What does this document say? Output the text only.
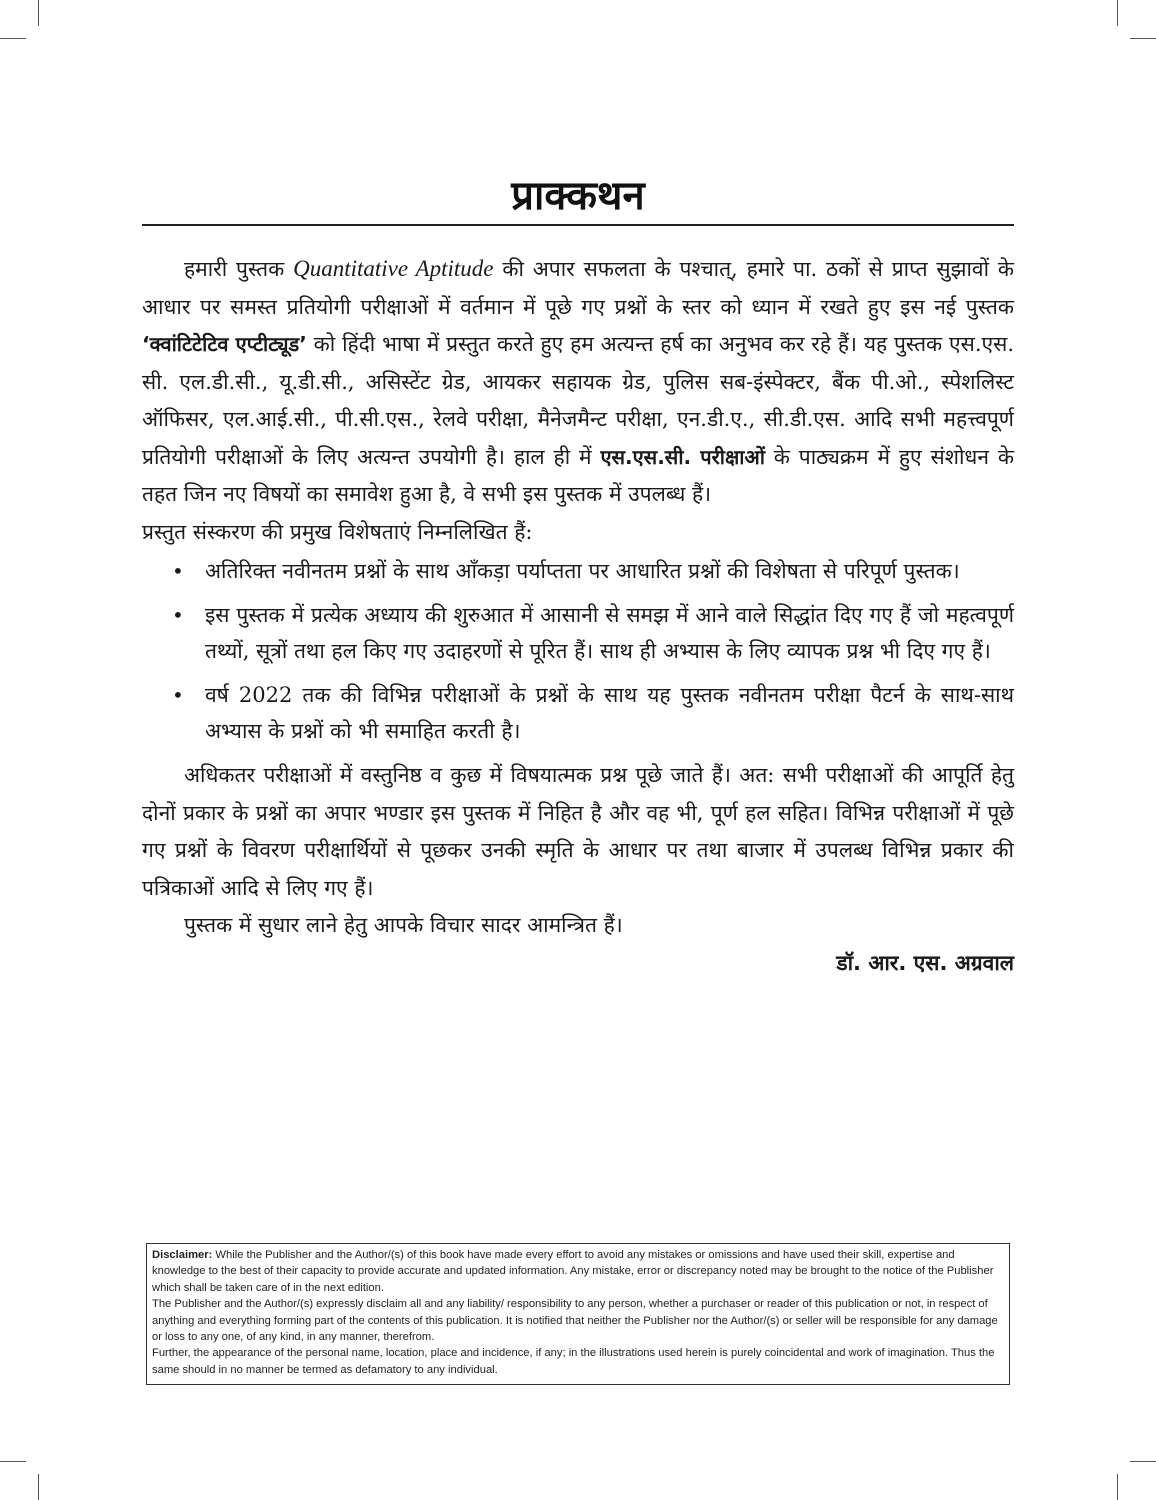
प्राक्कथन

हमारी पुस्तक Quantitative Aptitude की अपार सफलता के पश्चात्, हमारे पा. ठकों से प्राप्त सुझावों के आधार पर समस्त प्रतियोगी परीक्षाओं में वर्तमान में पूछे गए प्रश्नों के स्तर को ध्यान में रखते हुए इस नई पुस्तक ‘क्वांटिटेटिव एप्टीट्यूड’ को हिंदी भाषा में प्रस्तुत करते हुए हम अत्यन्त हर्ष का अनुभव कर रहे हैं। यह पुस्तक एस.एस. सी. एल.डी.सी., यू.डी.सी., असिस्टेंट ग्रेड, आयकर सहायक ग्रेड, पुलिस सब-इंस्पेक्टर, बैंक पी.ओ., स्पेशलिस्ट ऑफिसर, एल.आई.सी., पी.सी.एस., रेलवे परीक्षा, मैनेजमैन्ट परीक्षा, एन.डी.ए., सी.डी.एस. आदि सभी महत्त्वपूर्ण प्रतियोगी परीक्षाओं के लिए अत्यन्त उपयोगी है। हाल ही में एस.एस.सी. परीक्षाओं के पाठ्यक्रम में हुए संशोधन के तहत जिन नए विषयों का समावेश हुआ है, वे सभी इस पुस्तक में उपलब्ध हैं।

प्रस्तुत संस्करण की प्रमुख विशेषताएं निम्नलिखित हैं:

• अतिरिक्त नवीनतम प्रश्नों के साथ आँकड़ा पर्याप्तता पर आधारित प्रश्नों की विशेषता से परिपूर्ण पुस्तक।
• इस पुस्तक में प्रत्येक अध्याय की शुरुआत में आसानी से समझ में आने वाले सिद्धांत दिए गए हैं जो महत्वपूर्ण तथ्यों, सूत्रों तथा हल किए गए उदाहरणों से पूरित हैं। साथ ही अभ्यास के लिए व्यापक प्रश्न भी दिए गए हैं।
• वर्ष 2022 तक की विभिन्न परीक्षाओं के प्रश्नों के साथ यह पुस्तक नवीनतम परीक्षा पैटर्न के साथ-साथ अभ्यास के प्रश्नों को भी समाहित करती है।

अधिकतर परीक्षाओं में वस्तुनिष्ठ व कुछ में विषयात्मक प्रश्न पूछे जाते हैं। अत: सभी परीक्षाओं की आपूर्ति हेतु दोनों प्रकार के प्रश्नों का अपार भण्डार इस पुस्तक में निहित है और वह भी, पूर्ण हल सहित। विभिन्न परीक्षाओं में पूछे गए प्रश्नों के विवरण परीक्षार्थियों से पूछकर उनकी स्मृति के आधार पर तथा बाजार में उपलब्ध विभिन्न प्रकार की पत्रिकाओं आदि से लिए गए हैं।

पुस्तक में सुधार लाने हेतु आपके विचार सादर आमन्त्रित हैं।

डॉ. आर. एस. अग्रवाल

Disclaimer: While the Publisher and the Author/(s) of this book have made every effort to avoid any mistakes or omissions and have used their skill, expertise and knowledge to the best of their capacity to provide accurate and updated information. Any mistake, error or discrepancy noted may be brought to the notice of the Publisher which shall be taken care of in the next edition.

The Publisher and the Author/(s) expressly disclaim all and any liability/ responsibility to any person, whether a purchaser or reader of this publication or not, in respect of anything and everything forming part of the contents of this publication. It is notified that neither the Publisher nor the Author/(s) or seller will be responsible for any damage or loss to any one, of any kind, in any manner, therefrom.

Further, the appearance of the personal name, location, place and incidence, if any; in the illustrations used herein is purely coincidental and work of imagination. Thus the same should in no manner be termed as defamatory to any individual.
